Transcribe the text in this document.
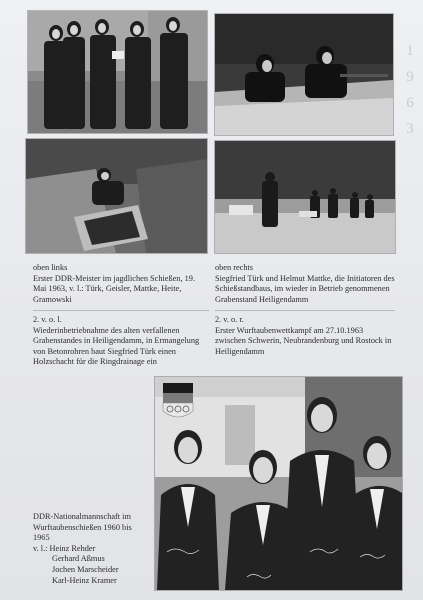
1
9
6
3
oben links
Erster DDR-Meister im jagdlichen Schießen, 19. Mai 1963, v. l.: Türk, Geisler, Mattke, Heite, Gramowski
oben rechts
Siegfried Türk und Helmut Mattke, die Initiatoren des Schießstandbaus, im wieder in Betrieb genommenen Grabenstand Heiligendamm
2. v. o. l.
Wiederinbetriebnahme des alten verfallenen Grabenstandes in Heiligendamm, in Ermangelung von Betonrohren baut Siegfried Türk einen Holzschacht für die Ringdrainage ein
2. v. o. r.
Erster Wurftaubenwettkampf am 27.10.1963 zwischen Schwerin, Neubrandenburg und Rostock in Heiligendamm
DDR-Nationalmannschaft im
Wurftaubenschießen 1960 bis
1965
v. l.: Heinz Rehder
Gerhard Aßmus
Jochen Marscheider
Karl-Heinz Kramer
